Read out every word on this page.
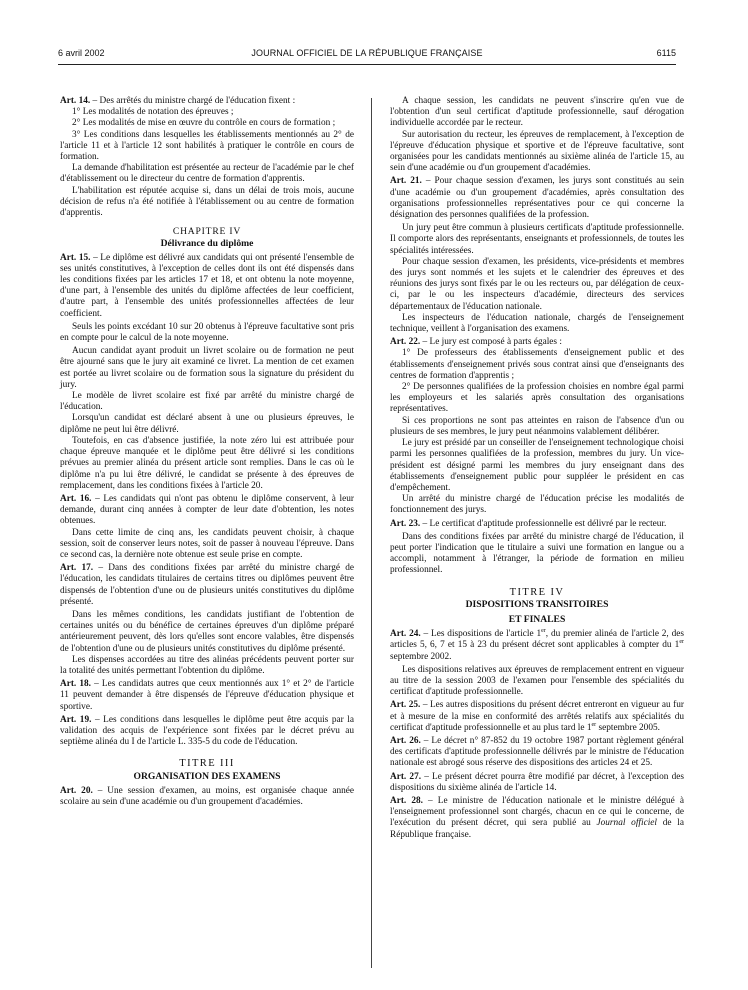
6 avril 2002	JOURNAL OFFICIEL DE LA RÉPUBLIQUE FRANÇAISE	6115

Art. 14. – Des arrêtés du ministre chargé de l'éducation fixent :

1° Les modalités de notation des épreuves ;

2° Les modalités de mise en œuvre du contrôle en cours de formation ;

3° Les conditions dans lesquelles les établissements mentionnés au 2° de l'article 11 et à l'article 12 sont habilités à pratiquer le contrôle en cours de formation.

La demande d'habilitation est présentée au recteur de l'académie par le chef d'établissement ou le directeur du centre de formation d'apprentis.

L'habilitation est réputée acquise si, dans un délai de trois mois, aucune décision de refus n'a été notifiée à l'établissement ou au centre de formation d'apprentis.

CHAPITRE IV
Délivrance du diplôme

Art. 15. – Le diplôme est délivré aux candidats qui ont présenté l'ensemble de ses unités constitutives, à l'exception de celles dont ils ont été dispensés dans les conditions fixées par les articles 17 et 18, et ont obtenu la note moyenne, d'une part, à l'ensemble des unités du diplôme affectées de leur coefficient, d'autre part, à l'ensemble des unités professionnelles affectées de leur coefficient.

Seuls les points excédant 10 sur 20 obtenus à l'épreuve facultative sont pris en compte pour le calcul de la note moyenne.

Aucun candidat ayant produit un livret scolaire ou de formation ne peut être ajourné sans que le jury ait examiné ce livret. La mention de cet examen est portée au livret scolaire ou de formation sous la signature du président du jury.

Le modèle de livret scolaire est fixé par arrêté du ministre chargé de l'éducation.

Lorsqu'un candidat est déclaré absent à une ou plusieurs épreuves, le diplôme ne peut lui être délivré.

Toutefois, en cas d'absence justifiée, la note zéro lui est attribuée pour chaque épreuve manquée et le diplôme peut être délivré si les conditions prévues au premier alinéa du présent article sont remplies. Dans le cas où le diplôme n'a pu lui être délivré, le candidat se présente à des épreuves de remplacement, dans les conditions fixées à l'article 20.

Art. 16. – Les candidats qui n'ont pas obtenu le diplôme conservent, à leur demande, durant cinq années à compter de leur date d'obtention, les notes obtenues.

Dans cette limite de cinq ans, les candidats peuvent choisir, à chaque session, soit de conserver leurs notes, soit de passer à nouveau l'épreuve. Dans ce second cas, la dernière note obtenue est seule prise en compte.

Art. 17. – Dans des conditions fixées par arrêté du ministre chargé de l'éducation, les candidats titulaires de certains titres ou diplômes peuvent être dispensés de l'obtention d'une ou de plusieurs unités constitutives du diplôme présenté.

Dans les mêmes conditions, les candidats justifiant de l'obtention de certaines unités ou du bénéfice de certaines épreuves d'un diplôme préparé antérieurement peuvent, dès lors qu'elles sont encore valables, être dispensés de l'obtention d'une ou de plusieurs unités constitutives du diplôme présenté.

Les dispenses accordées au titre des alinéas précédents peuvent porter sur la totalité des unités permettant l'obtention du diplôme.

Art. 18. – Les candidats autres que ceux mentionnés aux 1° et 2° de l'article 11 peuvent demander à être dispensés de l'épreuve d'éducation physique et sportive.

Art. 19. – Les conditions dans lesquelles le diplôme peut être acquis par la validation des acquis de l'expérience sont fixées par le décret prévu au septième alinéa du I de l'article L. 335-5 du code de l'éducation.

TITRE III
ORGANISATION DES EXAMENS

Art. 20. – Une session d'examen, au moins, est organisée chaque année scolaire au sein d'une académie ou d'un groupement d'académies.

A chaque session, les candidats ne peuvent s'inscrire qu'en vue de l'obtention d'un seul certificat d'aptitude professionnelle, sauf dérogation individuelle accordée par le recteur.

Sur autorisation du recteur, les épreuves de remplacement, à l'exception de l'épreuve d'éducation physique et sportive et de l'épreuve facultative, sont organisées pour les candidats mentionnés au sixième alinéa de l'article 15, au sein d'une académie ou d'un groupement d'académies.

Art. 21. – Pour chaque session d'examen, les jurys sont constitués au sein d'une académie ou d'un groupement d'académies, après consultation des organisations professionnelles représentatives pour ce qui concerne la désignation des personnes qualifiées de la profession.

Un jury peut être commun à plusieurs certificats d'aptitude professionnelle. Il comporte alors des représentants, enseignants et professionnels, de toutes les spécialités intéressées.

Pour chaque session d'examen, les présidents, vice-présidents et membres des jurys sont nommés et les sujets et le calendrier des épreuves et des réunions des jurys sont fixés par le ou les recteurs ou, par délégation de ceux-ci, par le ou les inspecteurs d'académie, directeurs des services départementaux de l'éducation nationale.

Les inspecteurs de l'éducation nationale, chargés de l'enseignement technique, veillent à l'organisation des examens.

Art. 22. – Le jury est composé à parts égales :

1° De professeurs des établissements d'enseignement public et des établissements d'enseignement privés sous contrat ainsi que d'enseignants des centres de formation d'apprentis ;

2° De personnes qualifiées de la profession choisies en nombre égal parmi les employeurs et les salariés après consultation des organisations représentatives.

Si ces proportions ne sont pas atteintes en raison de l'absence d'un ou plusieurs de ses membres, le jury peut néanmoins valablement délibérer.

Le jury est présidé par un conseiller de l'enseignement technologique choisi parmi les personnes qualifiées de la profession, membres du jury. Un vice-président est désigné parmi les membres du jury enseignant dans des établissements d'enseignement public pour suppléer le président en cas d'empêchement.

Un arrêté du ministre chargé de l'éducation précise les modalités de fonctionnement des jurys.

Art. 23. – Le certificat d'aptitude professionnelle est délivré par le recteur.

Dans des conditions fixées par arrêté du ministre chargé de l'éducation, il peut porter l'indication que le titulaire a suivi une formation en langue ou a accompli, notamment à l'étranger, la période de formation en milieu professionnel.

TITRE IV
DISPOSITIONS TRANSITOIRES
ET FINALES

Art. 24. – Les dispositions de l'article 1er, du premier alinéa de l'article 2, des articles 5, 6, 7 et 15 à 23 du présent décret sont applicables à compter du 1er septembre 2002.

Les dispositions relatives aux épreuves de remplacement entrent en vigueur au titre de la session 2003 de l'examen pour l'ensemble des spécialités du certificat d'aptitude professionnelle.

Art. 25. – Les autres dispositions du présent décret entreront en vigueur au fur et à mesure de la mise en conformité des arrêtés relatifs aux spécialités du certificat d'aptitude professionnelle et au plus tard le 1er septembre 2005.

Art. 26. – Le décret n° 87-852 du 19 octobre 1987 portant règlement général des certificats d'aptitude professionnelle délivrés par le ministre de l'éducation nationale est abrogé sous réserve des dispositions des articles 24 et 25.

Art. 27. – Le présent décret pourra être modifié par décret, à l'exception des dispositions du sixième alinéa de l'article 14.

Art. 28. – Le ministre de l'éducation nationale et le ministre délégué à l'enseignement professionnel sont chargés, chacun en ce qui le concerne, de l'exécution du présent décret, qui sera publié au Journal officiel de la République française.
